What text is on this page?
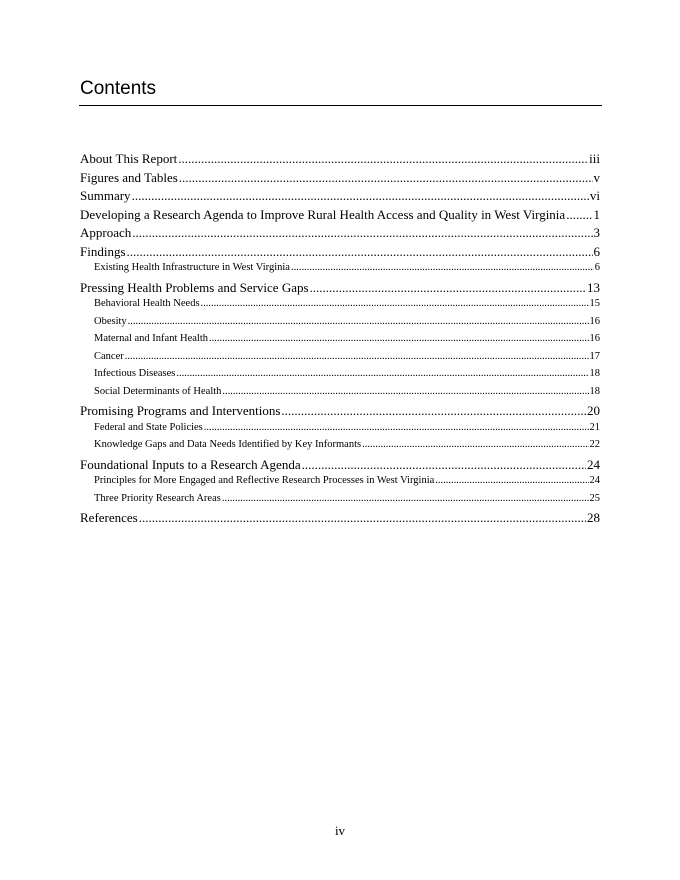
Contents
About This Report .....	iii
Figures and Tables .....	v
Summary .....	vi
Developing a Research Agenda to Improve Rural Health Access and Quality in West Virginia ..... 1
Approach .....	3
Findings .....	6
Existing Health Infrastructure in West Virginia .....	6
Pressing Health Problems and Service Gaps .....	13
Behavioral Health Needs .....	15
Obesity .....	16
Maternal and Infant Health .....	16
Cancer .....	17
Infectious Diseases .....	18
Social Determinants of Health .....	18
Promising Programs and Interventions .....	20
Federal and State Policies .....	21
Knowledge Gaps and Data Needs Identified by Key Informants .....	22
Foundational Inputs to a Research Agenda .....	24
Principles for More Engaged and Reflective Research Processes in West Virginia .....	24
Three Priority Research Areas .....	25
References .....	28
iv
